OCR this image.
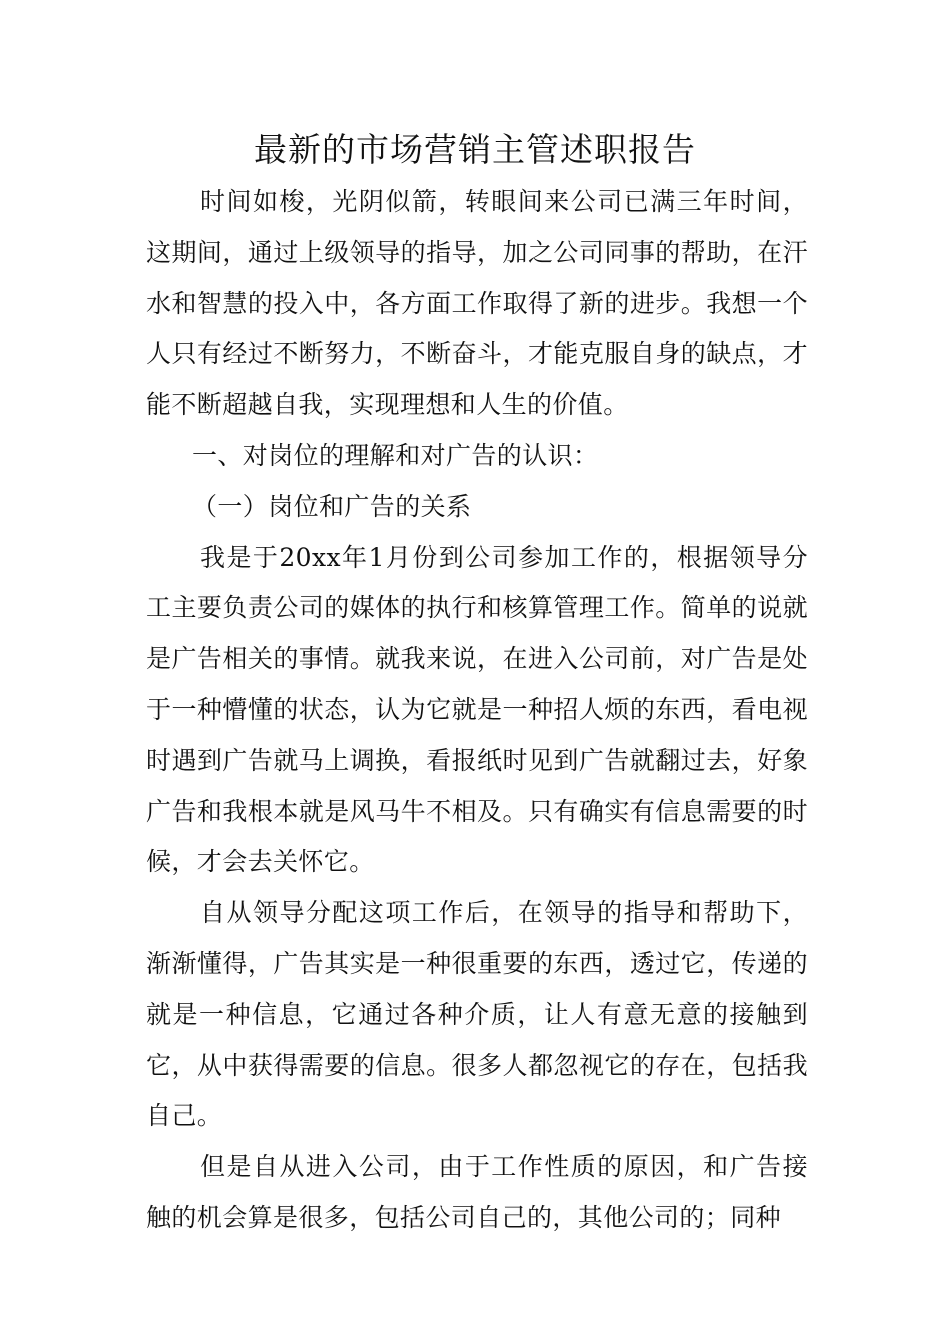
最新的市场营销主管述职报告

时间如梭，光阴似箭，转眼间来公司已满三年时间，这期间，通过上级领导的指导，加之公司同事的帮助，在汗水和智慧的投入中，各方面工作取得了新的进步。我想一个人只有经过不断努力，不断奋斗，才能克服自身的缺点，才能不断超越自我，实现理想和人生的价值。

一、对岗位的理解和对广告的认识：

（一）岗位和广告的关系

我是于20xx年1月份到公司参加工作的，根据领导分工主要负责公司的媒体的执行和核算管理工作。简单的说就是广告相关的事情。就我来说，在进入公司前，对广告是处于一种懵懂的状态，认为它就是一种招人烦的东西，看电视时遇到广告就马上调换，看报纸时见到广告就翻过去，好象广告和我根本就是风马牛不相及。只有确实有信息需要的时候，才会去关怀它。

自从领导分配这项工作后，在领导的指导和帮助下，渐渐懂得，广告其实是一种很重要的东西，透过它，传递的就是一种信息，它通过各种介质，让人有意无意的接触到它，从中获得需要的信息。很多人都忽视它的存在，包括我自己。

但是自从进入公司，由于工作性质的原因，和广告接触的机会算是很多，包括公司自己的，其他公司的；同种
